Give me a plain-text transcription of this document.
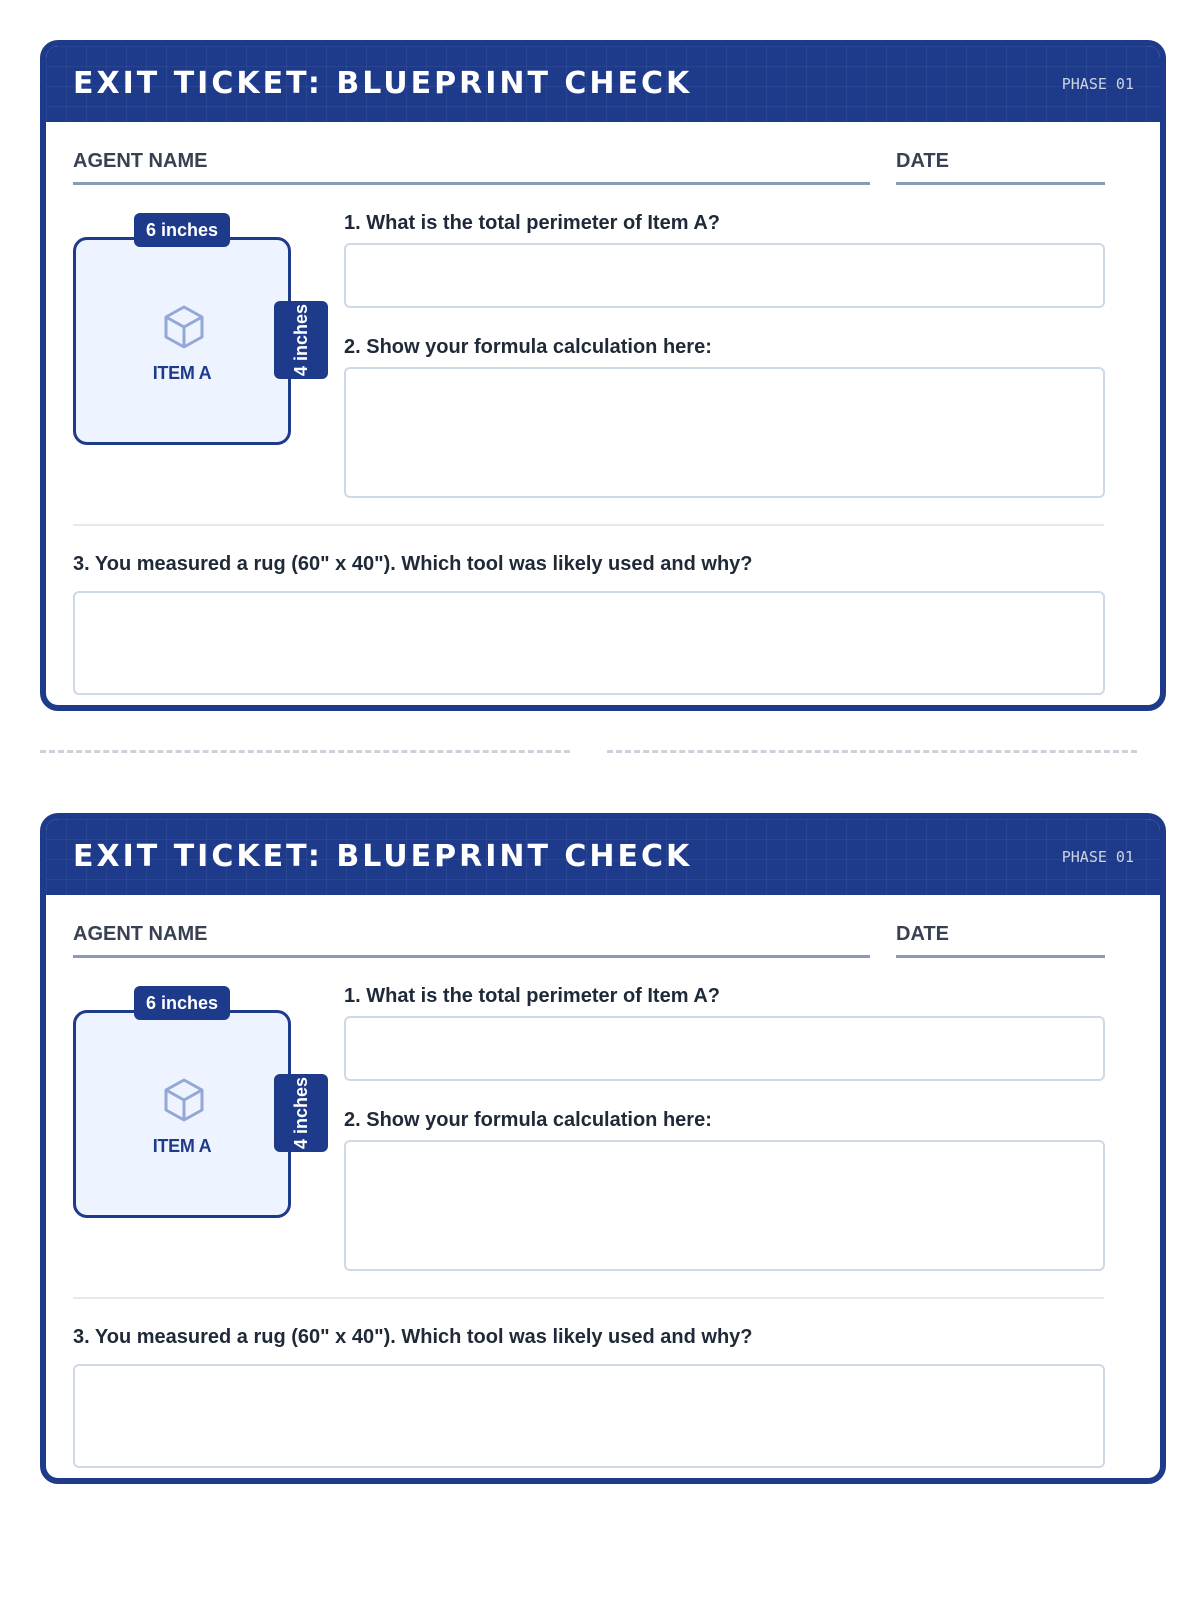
EXIT TICKET: BLUEPRINT CHECK	PHASE 01
AGENT NAME	DATE
ITEM A
6 inches
4 inches
1. What is the total perimeter of Item A?
2. Show your formula calculation here:
3. You measured a rug (60" x 40"). Which tool was likely used and why?
EXIT TICKET: BLUEPRINT CHECK	PHASE 01
AGENT NAME	DATE
ITEM A
6 inches
4 inches
1. What is the total perimeter of Item A?
2. Show your formula calculation here:
3. You measured a rug (60" x 40"). Which tool was likely used and why?
